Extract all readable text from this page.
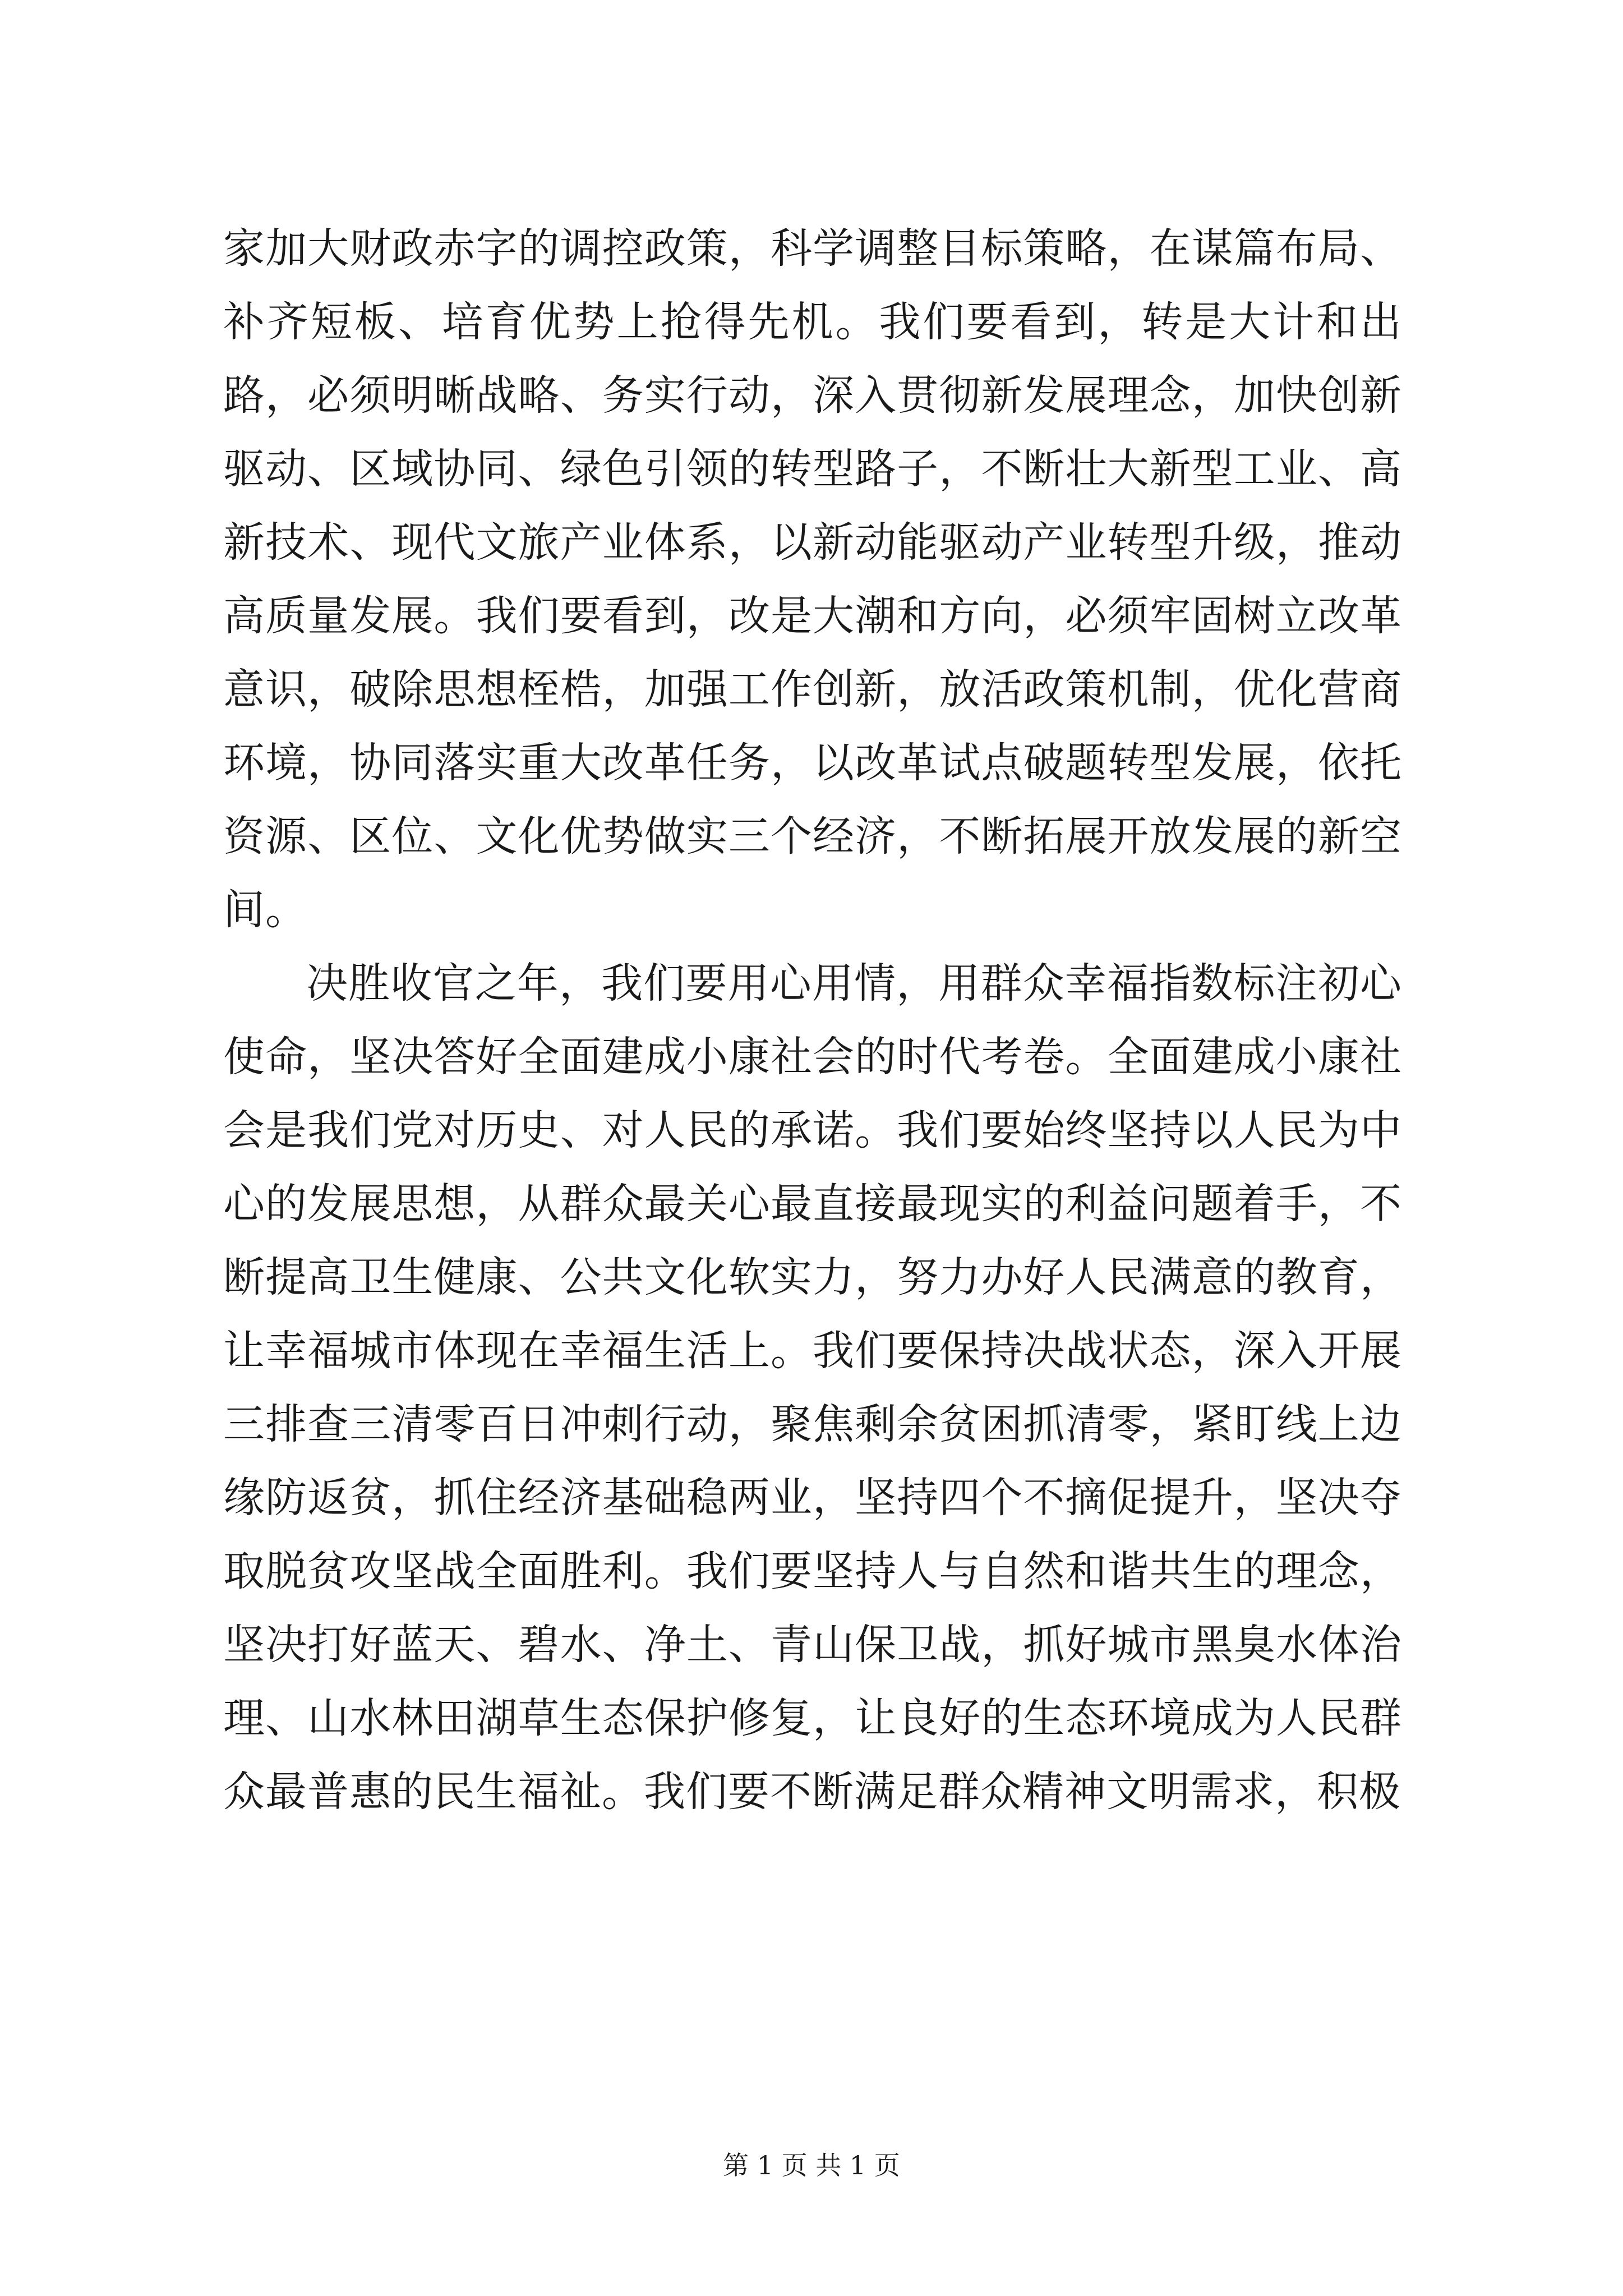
家加大财政赤字的调控政策，科学调整目标策略，在谋篇布局、补齐短板、培育优势上抢得先机。我们要看到，转是大计和出路，必须明晰战略、务实行动，深入贯彻新发展理念，加快创新驱动、区域协同、绿色引领的转型路子，不断壮大新型工业、高新技术、现代文旅产业体系，以新动能驱动产业转型升级，推动高质量发展。我们要看到，改是大潮和方向，必须牢固树立改革意识，破除思想桎梏，加强工作创新，放活政策机制，优化营商环境，协同落实重大改革任务，以改革试点破题转型发展，依托资源、区位、文化优势做实三个经济，不断拓展开放发展的新空间。

决胜收官之年，我们要用心用情，用群众幸福指数标注初心使命，坚决答好全面建成小康社会的时代考卷。全面建成小康社会是我们党对历史、对人民的承诺。我们要始终坚持以人民为中心的发展思想，从群众最关心最直接最现实的利益问题着手，不断提高卫生健康、公共文化软实力，努力办好人民满意的教育，让幸福城市体现在幸福生活上。我们要保持决战状态，深入开展三排查三清零百日冲刺行动，聚焦剩余贫困抓清零，紧盯线上边缘防返贫，抓住经济基础稳两业，坚持四个不摘促提升，坚决夺取脱贫攻坚战全面胜利。我们要坚持人与自然和谐共生的理念，坚决打好蓝天、碧水、净土、青山保卫战，抓好城市黑臭水体治理、山水林田湖草生态保护修复，让良好的生态环境成为人民群众最普惠的民生福祉。我们要不断满足群众精神文明需求，积极

第 1 页 共 1 页
